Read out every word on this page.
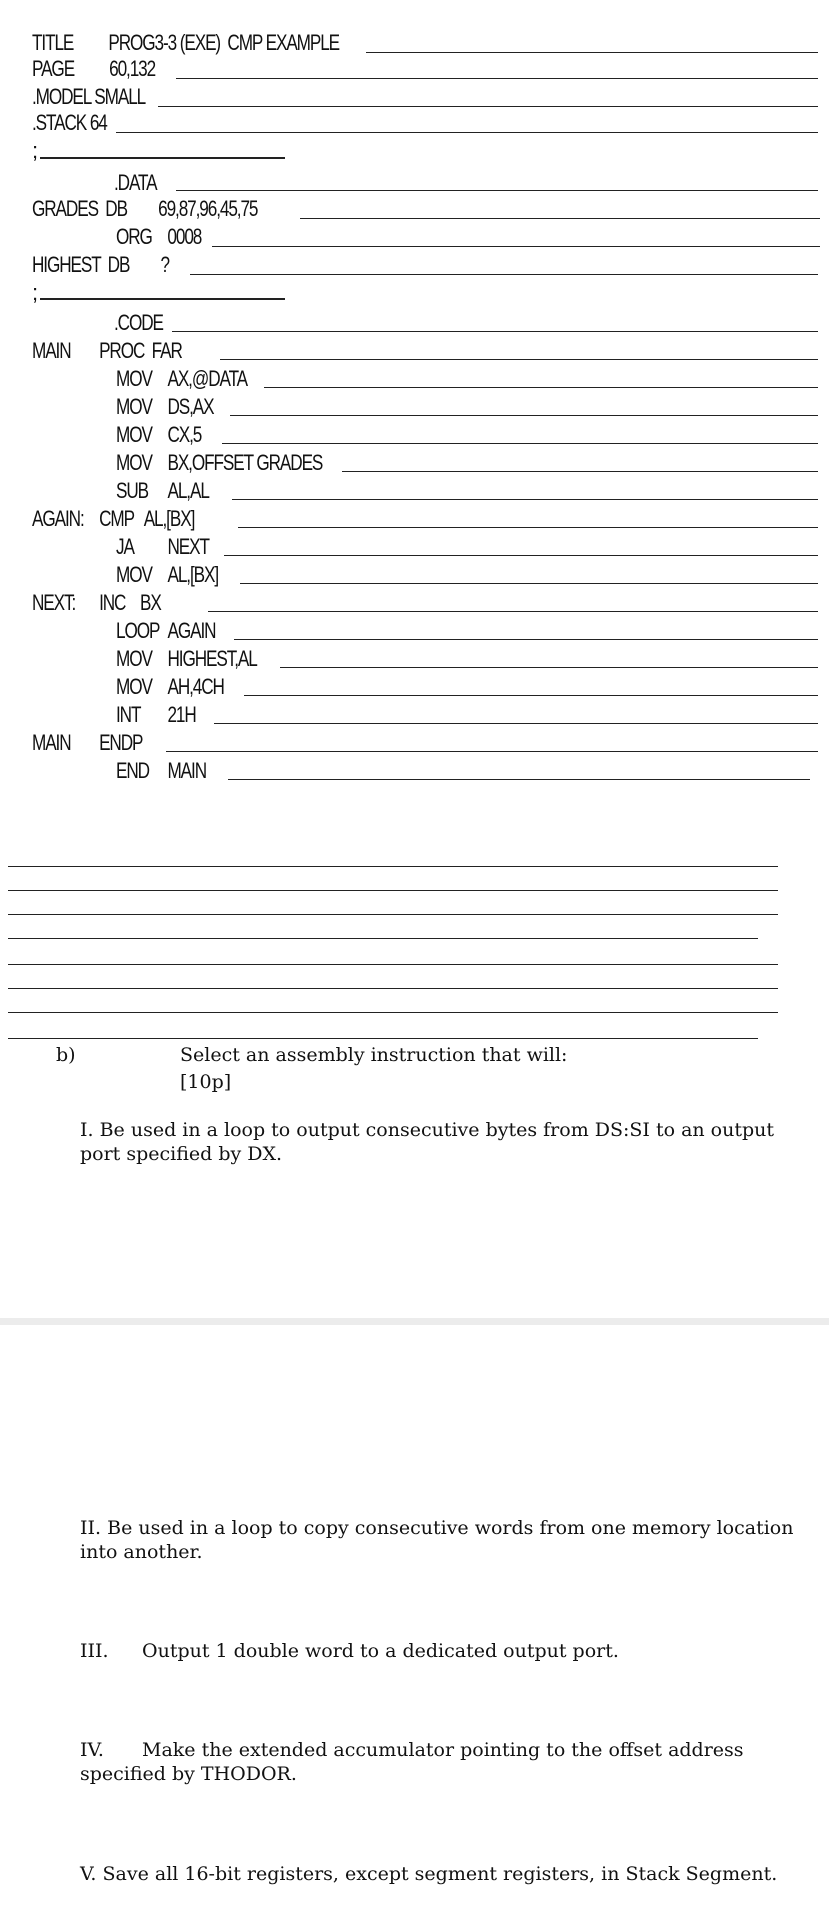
TITLE PROG3-3 (EXE)  CMP EXAMPLE
PAGE 60,132
.MODEL SMALL
.STACK 64
;
.DATA
GRADES  DB 69,87,96,45,75
ORG 0008
HIGHEST  DB ?
;
.CODE
MAIN	PROC  FAR
MOV AX,@DATA
MOV DS,AX
MOV CX,5
MOV BX,OFFSET GRADES
SUB AL,AL
AGAIN: CMP   AL,[BX]
JA	NEXT
MOV AL,[BX]
NEXT:	INC    BX
LOOP AGAIN
MOV HIGHEST,AL
MOV AH,4CH
INT	21H
MAIN	ENDP
END MAIN
b)	Select an assembly instruction that will:
[10p]
I. Be used in a loop to output consecutive bytes from DS:SI to an output port specified by DX.
II. Be used in a loop to copy consecutive words from one memory location into another.
III. Output 1 double word to a dedicated output port.
IV. Make the extended accumulator pointing to the offset address specified by THODOR.
V. Save all 16-bit registers, except segment registers, in Stack Segment.
